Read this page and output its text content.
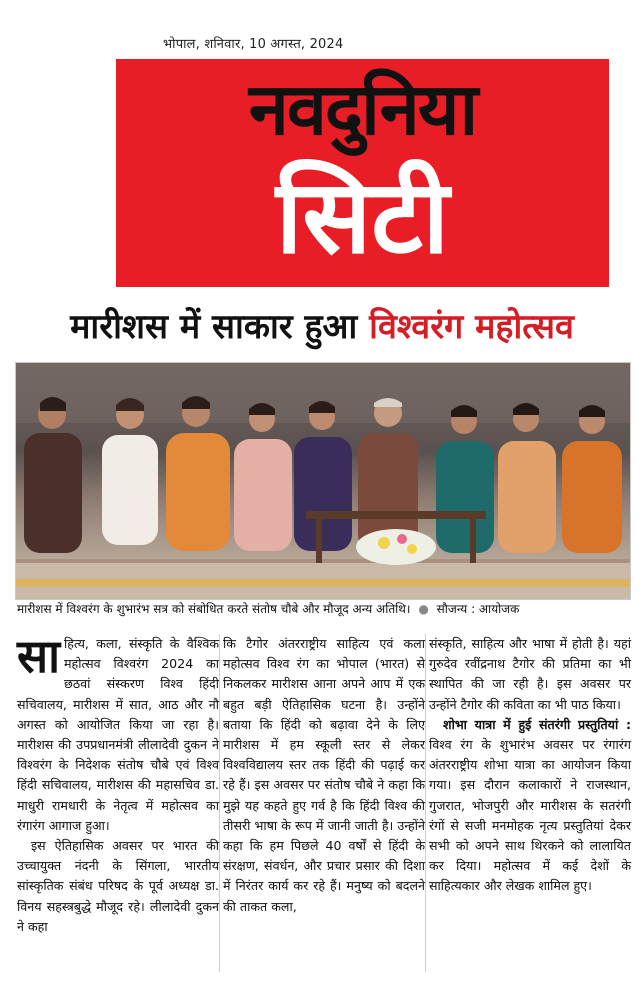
भोपाल, शनिवार, 10 अगस्त, 2024
नवदुनिया
सिटी
मारीशस में साकार हुआ विश्वरंग महोत्सव
मारीशस में विश्वरंग के शुभारंभ सत्र को संबोधित करते संतोष चौबे और मौजूद अन्य अतिथि। ● सौजन्य : आयोजक

साहित्य, कला, संस्कृति के वैश्विक महोत्सव विश्वरंग 2024 का छठवां संस्करण विश्व हिंदी सचिवालय, मारीशस में सात, आठ और नौ अगस्त को आयोजित किया जा रहा है। मारीशस की उपप्रधानमंत्री लीलादेवी दुकन ने विश्वरंग के निदेशक संतोष चौबे एवं विश्व हिंदी सचिवालय, मारीशस की महासचिव डा. माधुरी रामधारी के नेतृत्व में महोत्सव का रंगारंग आगाज हुआ।

इस ऐतिहासिक अवसर पर भारत की उच्चायुक्त नंदनी के सिंगला, भारतीय सांस्कृतिक संबंध परिषद के पूर्व अध्यक्ष डा. विनय सहस्त्रबुद्धे मौजूद रहे। लीलादेवी दुकन ने कहा

कि टैगोर अंतरराष्ट्रीय साहित्य एवं कला महोत्सव विश्व रंग का भोपाल (भारत) से निकलकर मारीशस आना अपने आप में एक बहुत बड़ी ऐतिहासिक घटना है। उन्होंने बताया कि हिंदी को बढ़ावा देने के लिए मारीशस में हम स्कूली स्तर से लेकर विश्वविद्यालय स्तर तक हिंदी की पढ़ाई कर रहे हैं। इस अवसर पर संतोष चौबे ने कहा कि मुझे यह कहते हुए गर्व है कि हिंदी विश्व की तीसरी भाषा के रूप में जानी जाती है। उन्होंने कहा कि हम पिछले 40 वर्षों से हिंदी के संरक्षण, संवर्धन, और प्रचार प्रसार की दिशा में निरंतर कार्य कर रहे हैं। मनुष्य को बदलने की ताकत कला,

संस्कृति, साहित्य और भाषा में होती है। यहां गुरुदेव रवींद्रनाथ टैगोर की प्रतिमा का भी स्थापित की जा रही है। इस अवसर पर उन्होंने टैगोर की कविता का भी पाठ किया।

शोभा यात्रा में हुई संतरंगी प्रस्तुतियां : विश्व रंग के शुभारंभ अवसर पर रंगारंग अंतरराष्ट्रीय शोभा यात्रा का आयोजन किया गया। इस दौरान कलाकारों ने राजस्थान, गुजरात, भोजपुरी और मारीशस के सतरंगी रंगों से सजी मनमोहक नृत्य प्रस्तुतियां देकर सभी को अपने साथ थिरकने को लालायित कर दिया। महोत्सव में कई देशों के साहित्यकार और लेखक शामिल हुए।
